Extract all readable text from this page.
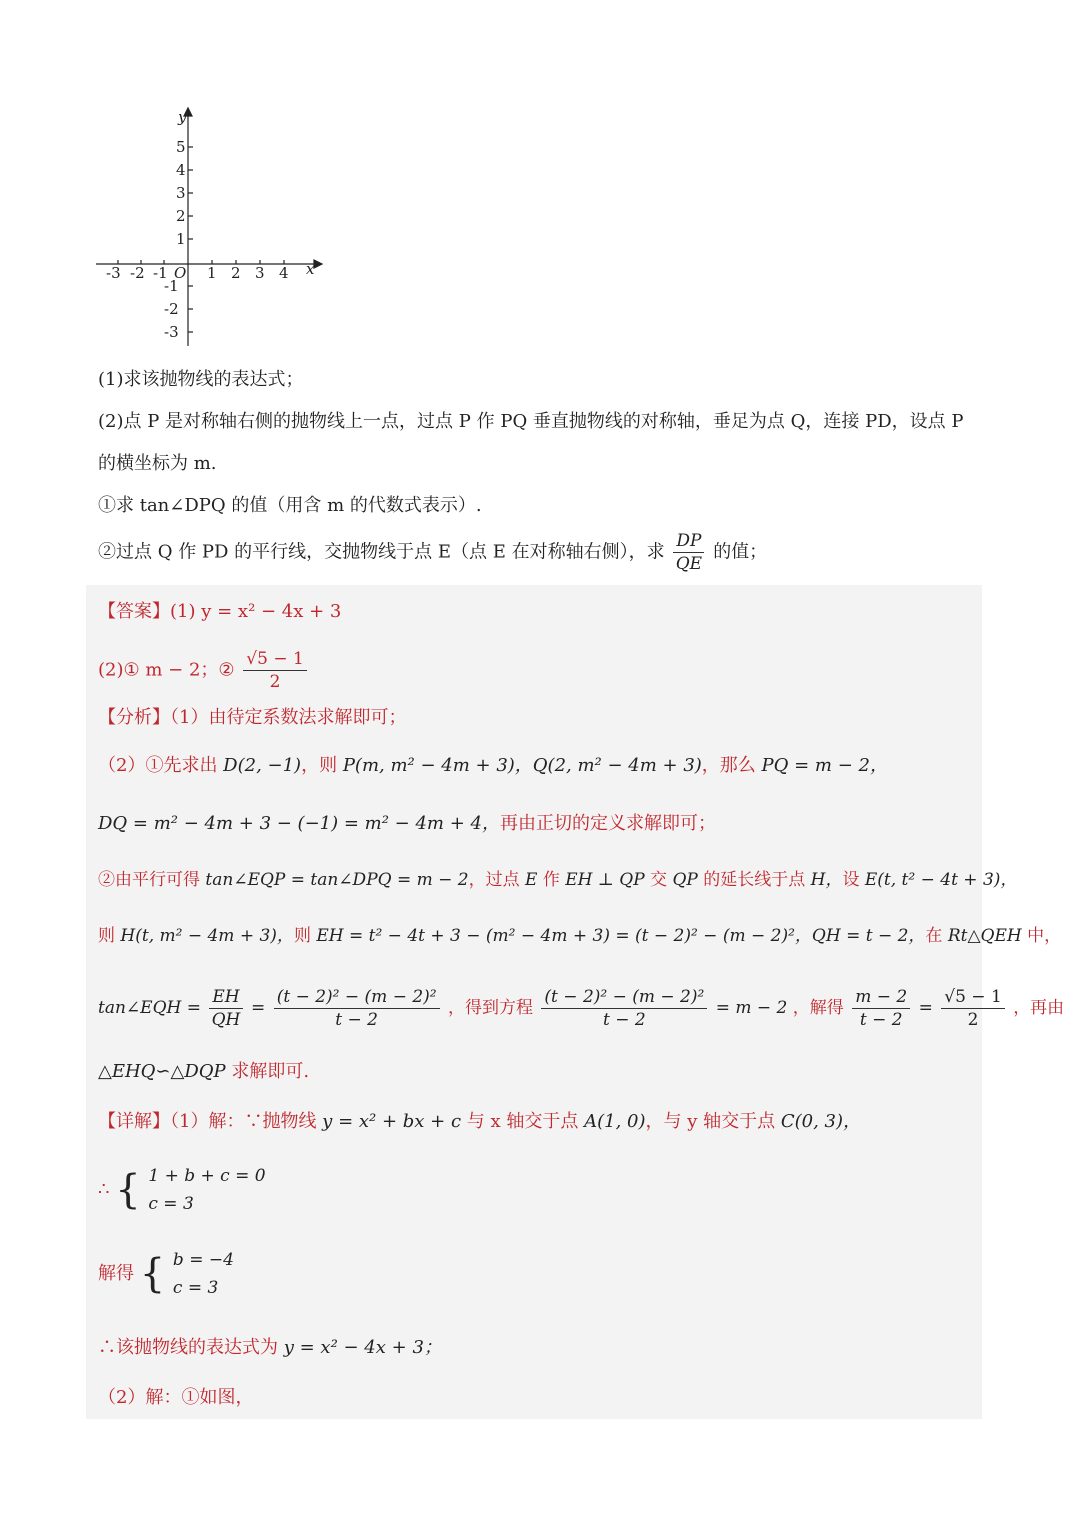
y
x
O
-3 -2 -1	1 2 3 4
5
4
3
2
1
-1
-2
-3
(1)求该抛物线的表达式；
(2)点 P 是对称轴右侧的抛物线上一点，过点 P 作 PQ 垂直抛物线的对称轴，垂足为点 Q，连接 PD，设点 P
的横坐标为 m.
①求 tan∠DPQ 的值（用含 m 的代数式表示）.
②过点 Q 作 PD 的平行线，交抛物线于点 E（点 E 在对称轴右侧），求 $\frac{DP}{QE}$ 的值；
【答案】(1) y = x² − 4x + 3
(2)① m − 2；② $\frac{√5 - 1}{2}$
【分析】（1）由待定系数法求解即可；
（2）①先求出 D(2, −1)，则 P(m, m² − 4m + 3)，Q(2, m² − 4m + 3)，那么 PQ = m − 2，
DQ = m² − 4m + 3 − (−1) = m² − 4m + 4，再由正切的定义求解即可；
②由平行可得 tan∠EQP = tan∠DPQ = m − 2，过点 E 作 EH ⊥ QP 交 QP 的延长线于点 H，设 E(t, t² − 4t + 3)，
则 H(t, m² − 4m + 3)，则 EH = t² − 4t + 3 − (m² − 4m + 3) = (t − 2)² − (m − 2)²，QH = t − 2，在 Rt△QEH 中，
tan∠EQH = $\frac{EH}{QH} = \frac{\text{(t − 2)² − (m − 2)²}}{t - 2}$ ，得到方程 $\frac{\text{(t − 2)² − (m − 2)²}}{t - 2} = m - 2$ ，解得 $\frac{m - 2}{t - 2} = \frac{√5 - 1}{2}$ ，再由
△EHQ∽△DQP 求解即可.
【详解】（1）解：∵抛物线 y = x² + bx + c 与 x 轴交于点 A(1, 0)，与 y 轴交于点 C(0, 3)，
∴ { 1 + b + c = 0
c = 3
解得 { b = −4
c = 3
∴该抛物线的表达式为 y = x² − 4x + 3；
（2）解：①如图，
